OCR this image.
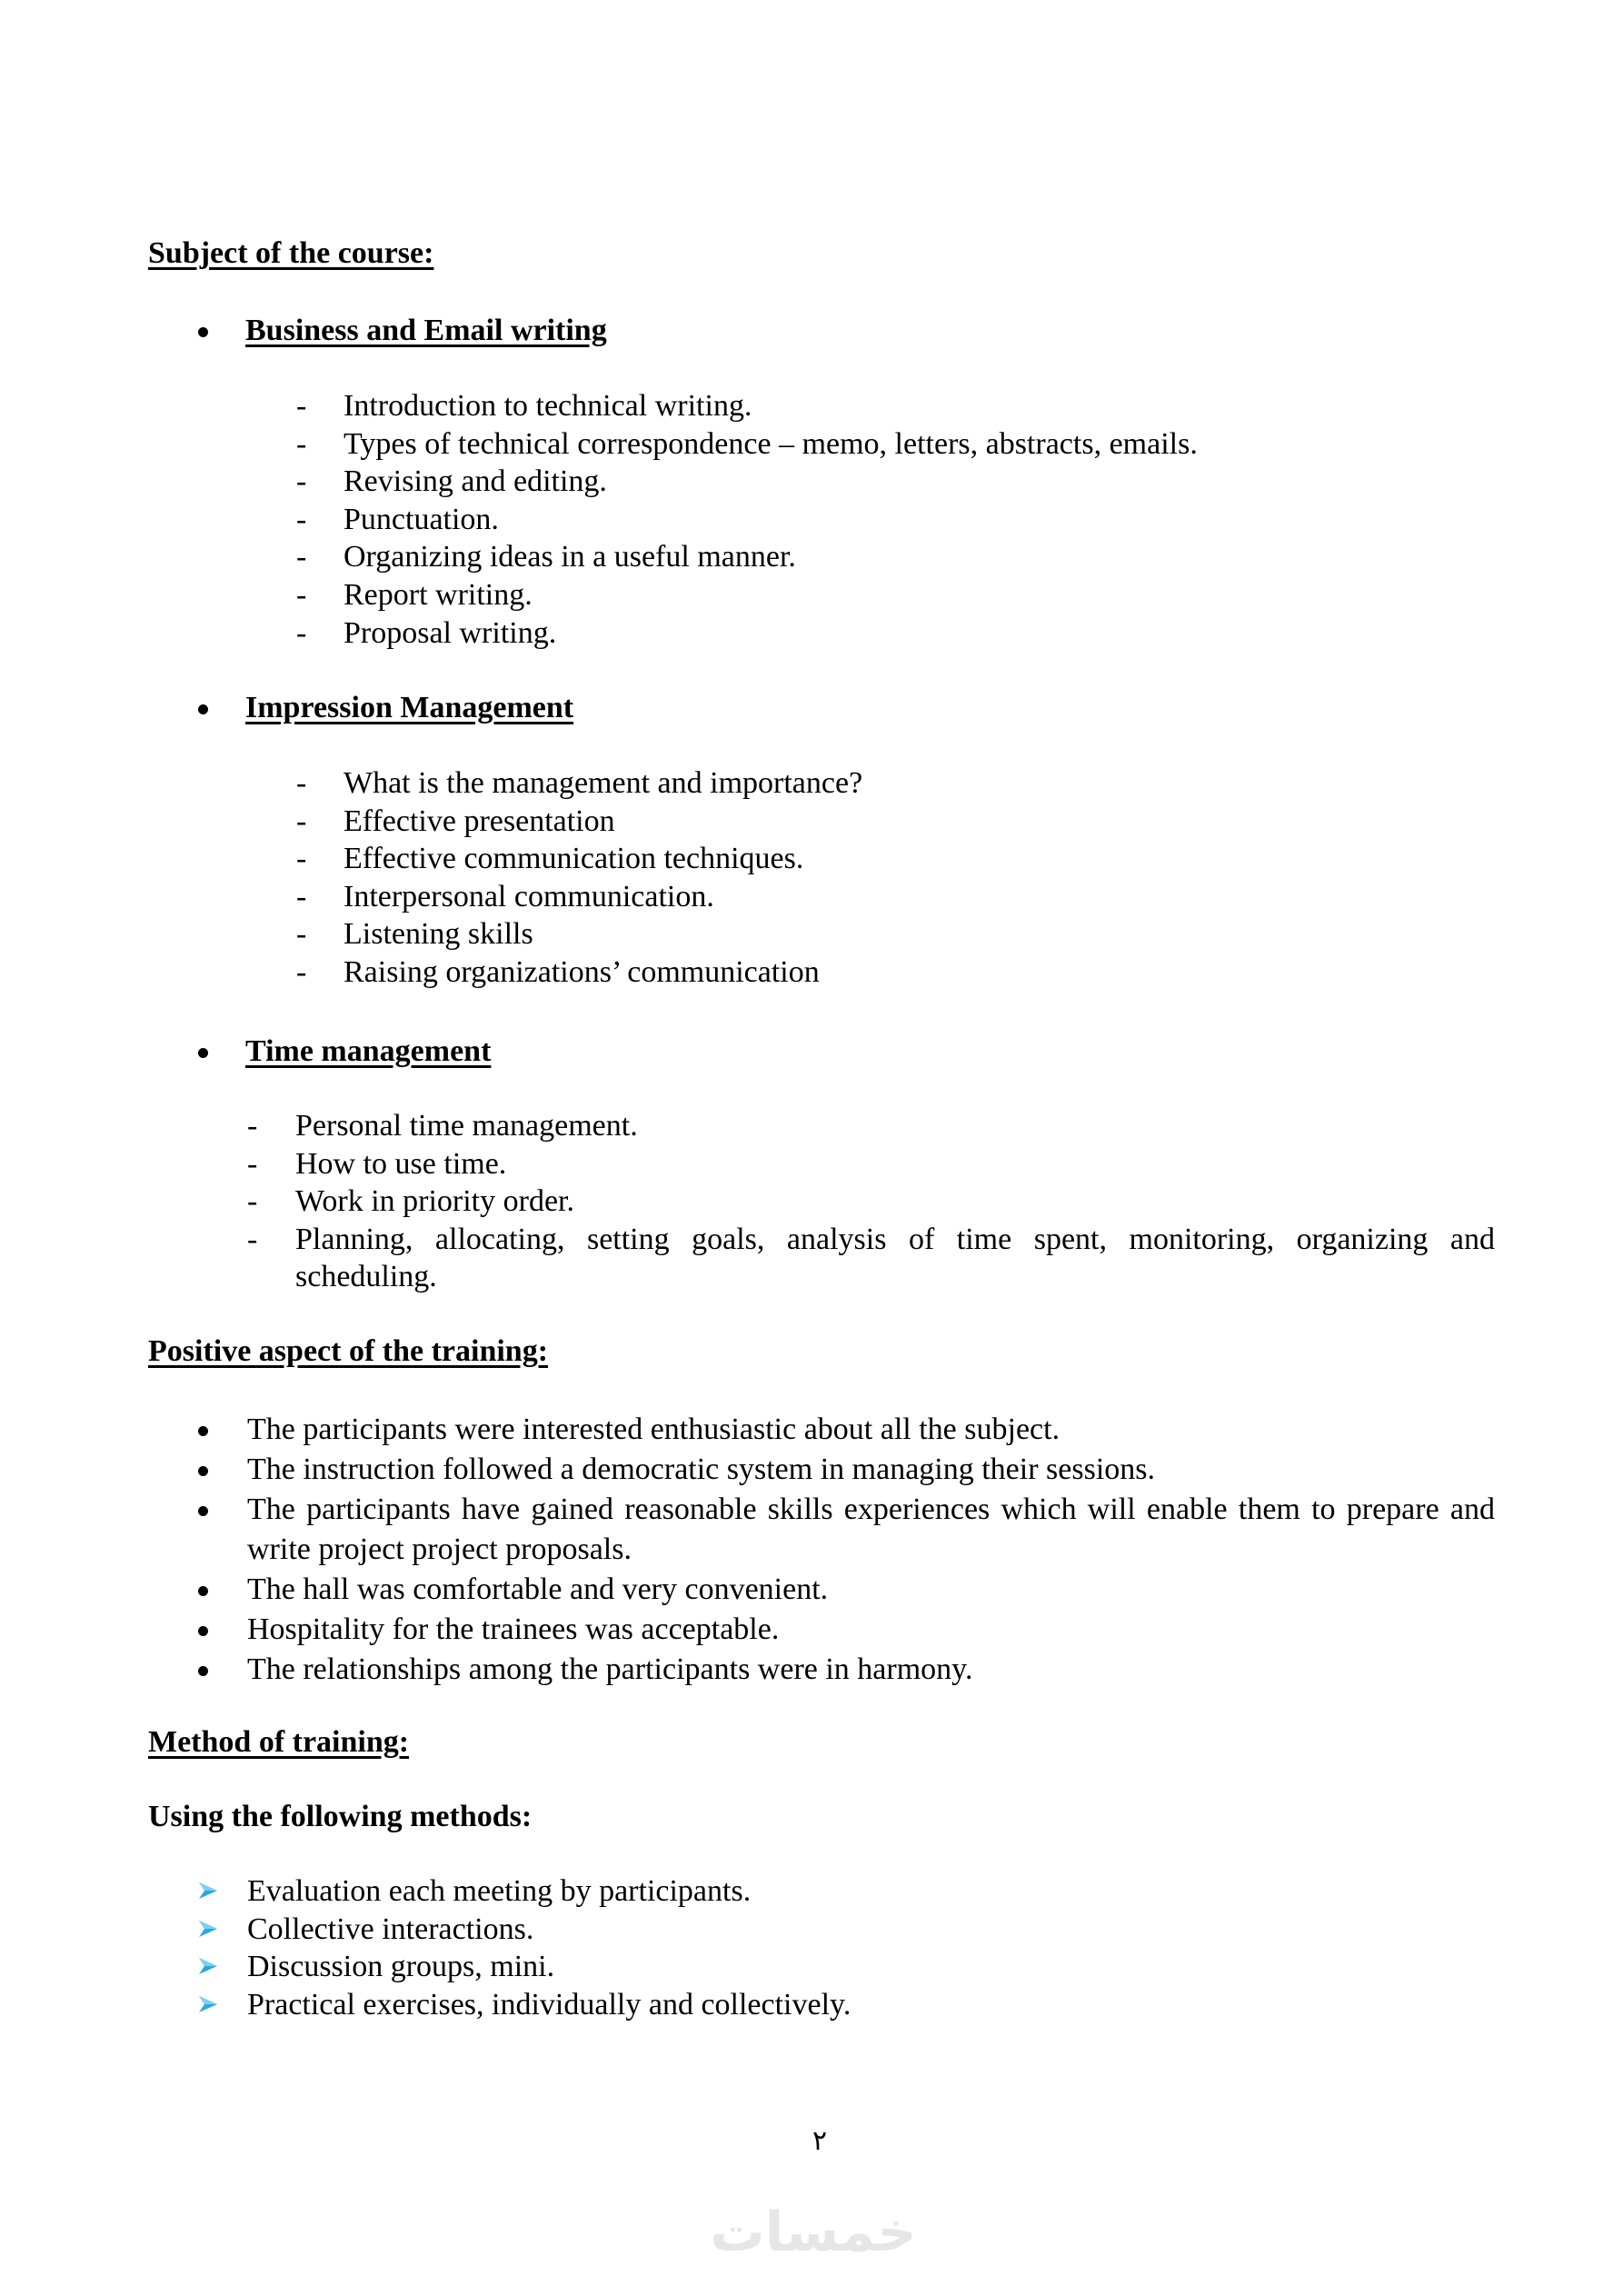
Subject of the course:
Business and Email writing
- Introduction to technical writing.
- Types of technical correspondence – memo, letters, abstracts, emails.
- Revising and editing.
- Punctuation.
- Organizing ideas in a useful manner.
- Report writing.
- Proposal writing.
Impression Management
- What is the management and importance?
- Effective presentation
- Effective communication techniques.
- Interpersonal communication.
- Listening skills
- Raising organizations’ communication
Time management
- Personal time management.
- How to use time.
- Work in priority order.
- Planning, allocating, setting goals, analysis of time spent, monitoring, organizing and scheduling.
Positive aspect of the training:
The participants were interested enthusiastic about all the subject.
The instruction followed a democratic system in managing their sessions.
The participants have gained reasonable skills experiences which will enable them to prepare and write project project proposals.
The hall was comfortable and very convenient.
Hospitality for the trainees was acceptable.
The relationships among the participants were in harmony.
Method of training:
Using the following methods:
Evaluation each meeting by participants.
Collective interactions.
Discussion groups, mini.
Practical exercises, individually and collectively.
٢
خمسات
